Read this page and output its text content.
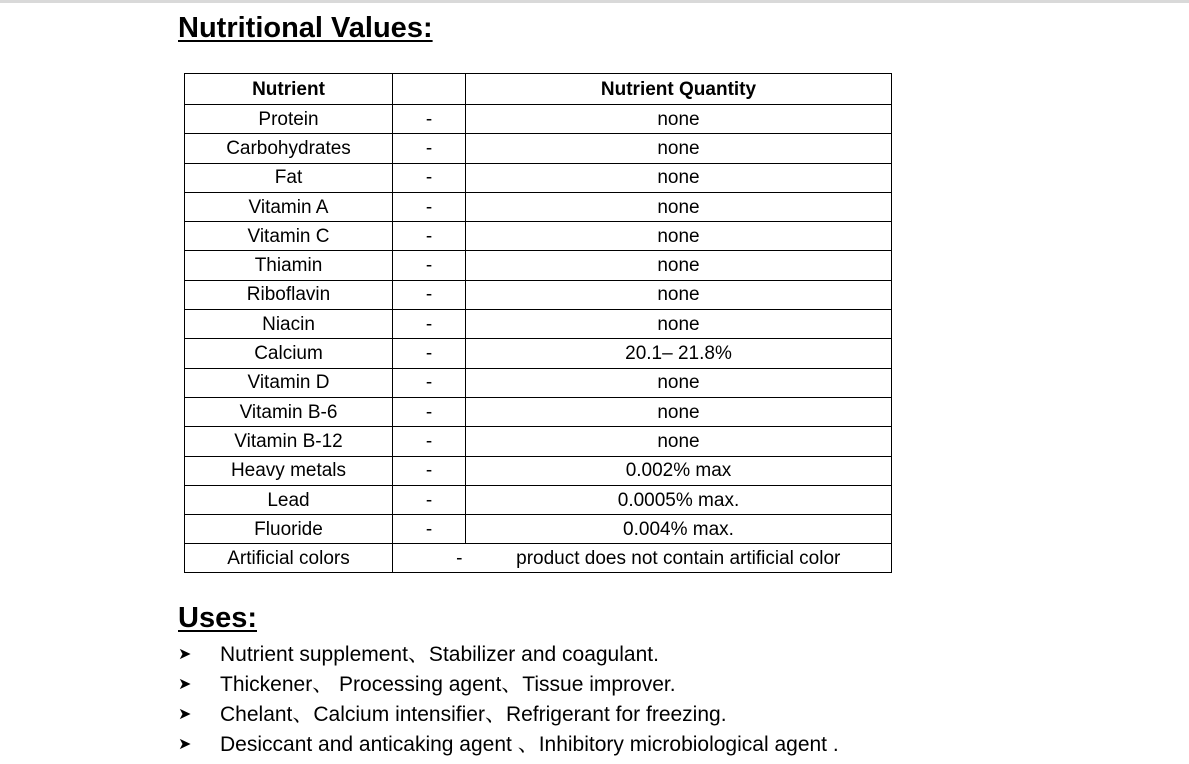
Nutritional Values:
Nutrient		Nutrient Quantity
Protein	-	none
Carbohydrates	-	none
Fat	-	none
Vitamin A	-	none
Vitamin C	-	none
Thiamin	-	none
Riboflavin	-	none
Niacin	-	none
Calcium	-	20.1– 21.8%
Vitamin D	-	none
Vitamin B-6	-	none
Vitamin B-12	-	none
Heavy metals	-	0.002% max
Lead	-	0.0005% max.
Fluoride	-	0.004% max.
Artificial colors	-	product does not contain artificial color
Uses:
➤ Nutrient supplement、Stabilizer and coagulant.
➤ Thickener、 Processing agent、Tissue improver.
➤ Chelant、Calcium intensifier、Refrigerant for freezing.
➤ Desiccant and anticaking agent 、Inhibitory microbiological agent .
